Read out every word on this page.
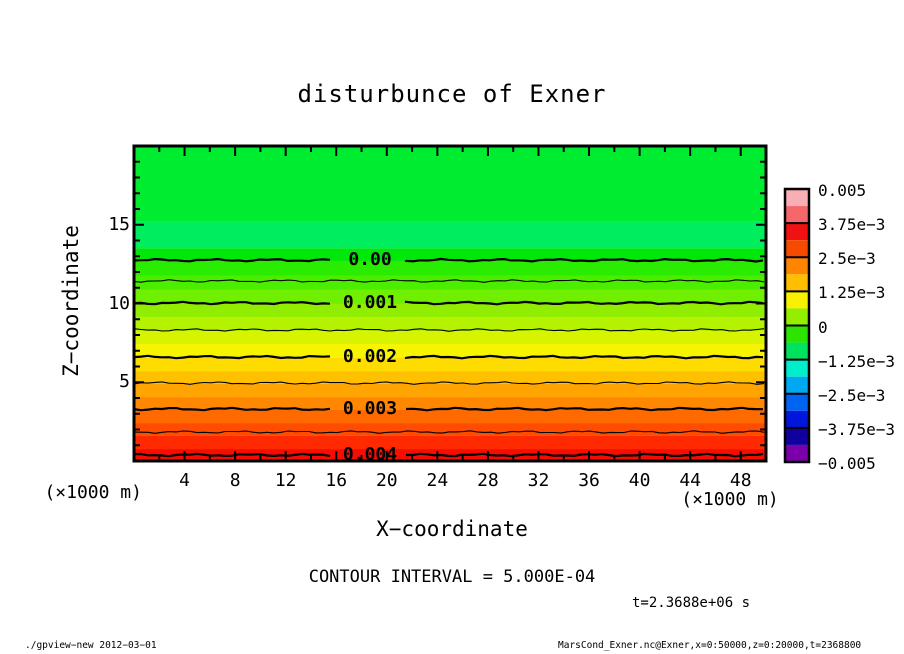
disturbunce of Exner
Z−coordinate
(×1000 m)
X−coordinate
(×1000 m)
CONTOUR INTERVAL = 5.000E-04
t=2.3688e+06 s
./gpview−new 2012−03−01	MarsCond_Exner.nc@Exner,x=0:50000,z=0:20000,t=2368800
0.00
0.001
0.002
0.003
0.004
4	8	12	16	20	24	28	32	36	40	44	48
5
10
15
0.005
3.75e−3
2.5e−3
1.25e−3
0
−1.25e−3
−2.5e−3
−3.75e−3
−0.005
